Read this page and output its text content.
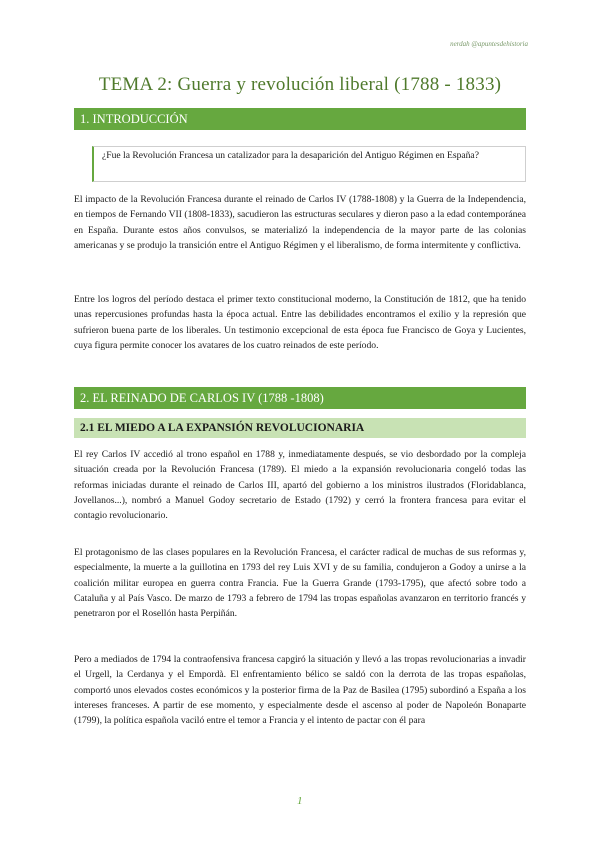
nerdah @apuntesdehistoria
TEMA 2: Guerra y revolución liberal (1788 - 1833)
1. INTRODUCCIÓN
¿Fue la Revolución Francesa un catalizador para la desaparición del Antiguo Régimen en España?

El impacto de la Revolución Francesa durante el reinado de Carlos IV (1788-1808) y la Guerra de la Independencia, en tiempos de Fernando VII (1808-1833), sacudieron las estructuras seculares y dieron paso a la edad contemporánea en España. Durante estos años convulsos, se materializó la independencia de la mayor parte de las colonias americanas y se produjo la transición entre el Antiguo Régimen y el liberalismo, de forma intermitente y conflictiva.

Entre los logros del período destaca el primer texto constitucional moderno, la Constitución de 1812, que ha tenido unas repercusiones profundas hasta la época actual. Entre las debilidades encontramos el exilio y la represión que sufrieron buena parte de los liberales. Un testimonio excepcional de esta época fue Francisco de Goya y Lucientes, cuya figura permite conocer los avatares de los cuatro reinados de este período.

2. EL REINADO DE CARLOS IV (1788 -1808)
2.1 EL MIEDO A LA EXPANSIÓN REVOLUCIONARIA

El rey Carlos IV accedió al trono español en 1788 y, inmediatamente después, se vio desbordado por la compleja situación creada por la Revolución Francesa (1789). El miedo a la expansión revolucionaria congeló todas las reformas iniciadas durante el reinado de Carlos III, apartó del gobierno a los ministros ilustrados (Floridablanca, Jovellanos...), nombró a Manuel Godoy secretario de Estado (1792) y cerró la frontera francesa para evitar el contagio revolucionario.

El protagonismo de las clases populares en la Revolución Francesa, el carácter radical de muchas de sus reformas y, especialmente, la muerte a la guillotina en 1793 del rey Luis XVI y de su familia, condujeron a Godoy a unirse a la coalición militar europea en guerra contra Francia. Fue la Guerra Grande (1793-1795), que afectó sobre todo a Cataluña y al País Vasco. De marzo de 1793 a febrero de 1794 las tropas españolas avanzaron en territorio francés y penetraron por el Rosellón hasta Perpiñán.

Pero a mediados de 1794 la contraofensiva francesa capgiró la situación y llevó a las tropas revolucionarias a invadir el Urgell, la Cerdanya y el Empordà. El enfrentamiento bélico se saldó con la derrota de las tropas españolas, comportó unos elevados costes económicos y la posterior firma de la Paz de Basilea (1795) subordinó a España a los intereses franceses. A partir de ese momento, y especialmente desde el ascenso al poder de Napoleón Bonaparte (1799), la política española vaciló entre el temor a Francia y el intento de pactar con él para

1
